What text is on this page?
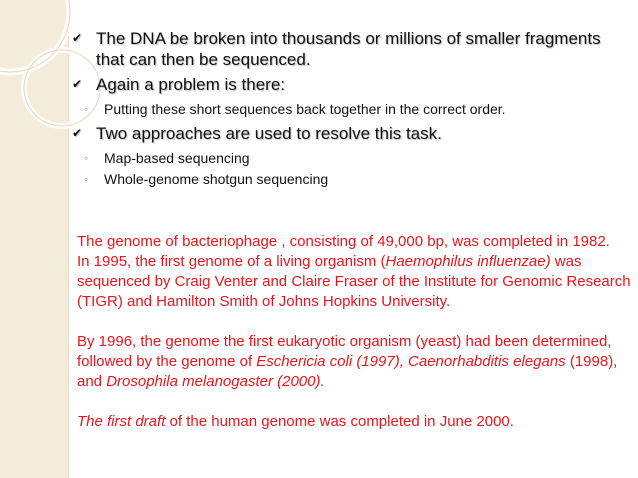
✔ The DNA be broken into thousands or millions of smaller fragments that can then be sequenced.
✔ Again a problem is there:
◦	Putting these short sequences back together in the correct order.
✔ Two approaches are used to resolve this task.
◦	Map-based sequencing
◦	Whole-genome shotgun sequencing

The genome of bacteriophage , consisting of 49,000 bp, was completed in 1982.

In 1995, the first genome of a living organism (Haemophilus influenzae) was sequenced by Craig Venter and Claire Fraser of the Institute for Genomic Research (TIGR) and Hamilton Smith of Johns Hopkins University.

By 1996, the genome the first eukaryotic organism (yeast) had been determined, followed by the genome of Eschericia coli (1997), Caenorhabditis elegans (1998), and Drosophila melanogaster (2000).

The first draft of the human genome was completed in June 2000.
